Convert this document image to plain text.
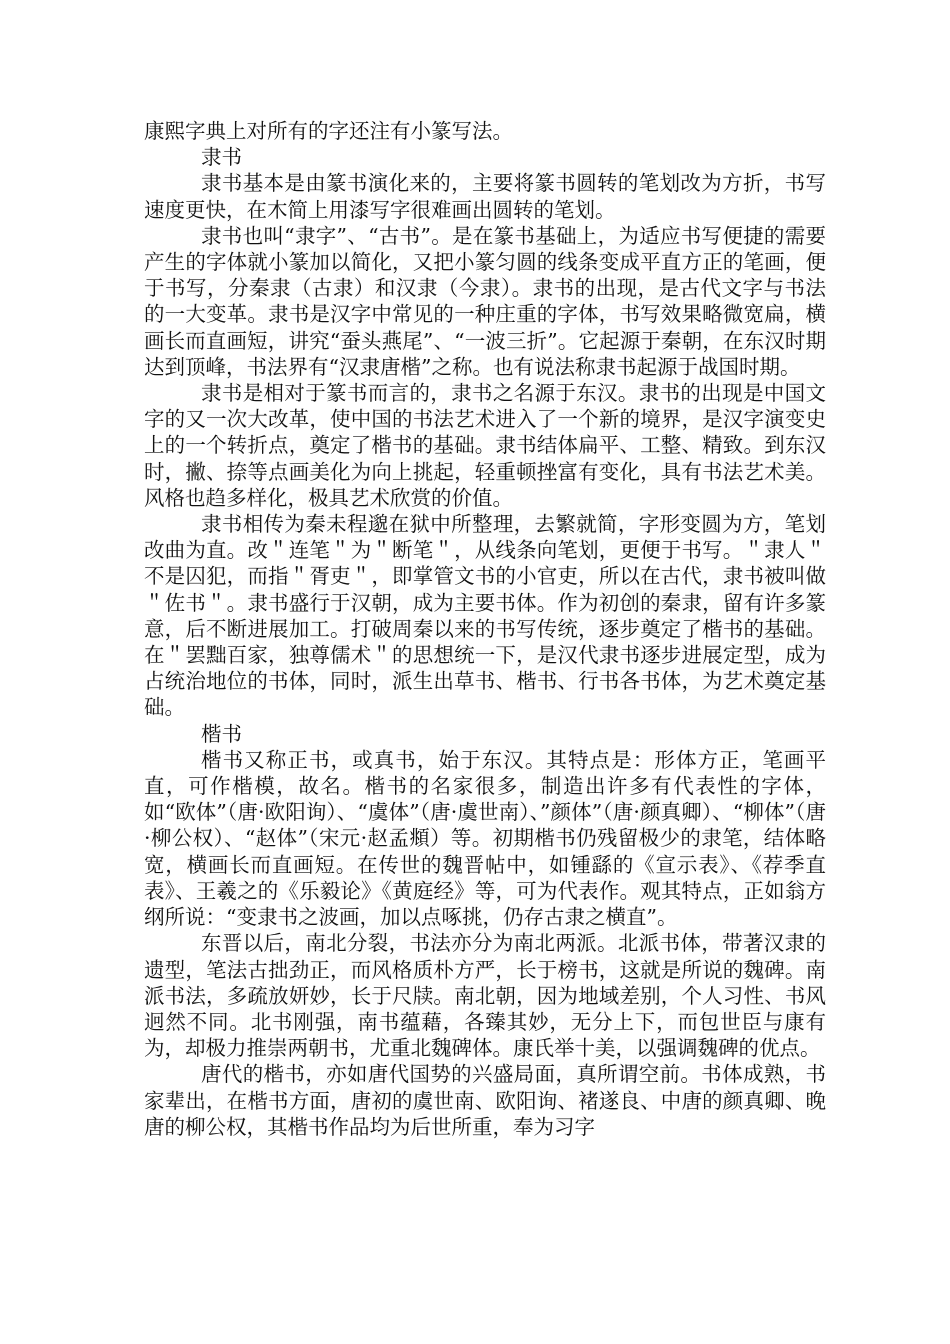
康熙字典上对所有的字还注有小篆写法。

隶书

隶书基本是由篆书演化来的，主要将篆书圆转的笔划改为方折，书写速度更快，在木简上用漆写字很难画出圆转的笔划。

隶书也叫“隶字”、“古书”。是在篆书基础上，为适应书写便捷的需要产生的字体就小篆加以简化，又把小篆匀圆的线条变成平直方正的笔画，便于书写，分秦隶（古隶）和汉隶（今隶）。隶书的出现，是古代文字与书法的一大变革。隶书是汉字中常见的一种庄重的字体，书写效果略微宽扁，横画长而直画短，讲究“蚕头燕尾”、“一波三折”。它起源于秦朝，在东汉时期达到顶峰，书法界有“汉隶唐楷”之称。也有说法称隶书起源于战国时期。

隶书是相对于篆书而言的，隶书之名源于东汉。隶书的出现是中国文字的又一次大改革，使中国的书法艺术进入了一个新的境界，是汉字演变史上的一个转折点，奠定了楷书的基础。隶书结体扁平、工整、精致。到东汉时，撇、捺等点画美化为向上挑起，轻重顿挫富有变化，具有书法艺术美。风格也趋多样化，极具艺术欣赏的价值。

隶书相传为秦未程邈在狱中所整理，去繁就简，字形变圆为方，笔划改曲为直。改＂连笔＂为＂断笔＂，从线条向笔划，更便于书写。＂隶人＂不是囚犯，而指＂胥吏＂，即掌管文书的小官吏，所以在古代，隶书被叫做＂佐书＂。隶书盛行于汉朝，成为主要书体。作为初创的秦隶，留有许多篆意，后不断进展加工。打破周秦以来的书写传统，逐步奠定了楷书的基础。在＂罢黜百家，独尊儒术＂的思想统一下，是汉代隶书逐步进展定型，成为占统治地位的书体，同时，派生出草书、楷书、行书各书体，为艺术奠定基础。

楷书

楷书又称正书，或真书，始于东汉。其特点是：形体方正，笔画平直，可作楷模，故名。楷书的名家很多，制造出许多有代表性的字体，如“欧体”（唐·欧阳询）、“虞体”（唐·虞世南）、”颜体”（唐·颜真卿）、“柳体”（唐·柳公权）、“赵体”（宋元·赵孟頫）等。初期楷书仍残留极少的隶笔，结体略宽，横画长而直画短。在传世的魏晋帖中，如锺繇的《宣示表》、《荐季直表》、王羲之的《乐毅论》《黄庭经》等，可为代表作。观其特点，正如翁方纲所说：“变隶书之波画，加以点啄挑，仍存古隶之横直”。

东晋以后，南北分裂，书法亦分为南北两派。北派书体，带著汉隶的遗型，笔法古拙劲正，而风格质朴方严，长于榜书，这就是所说的魏碑。南派书法，多疏放妍妙，长于尺牍。南北朝，因为地域差别，个人习性、书风迥然不同。北书刚强，南书蕴藉，各臻其妙，无分上下，而包世臣与康有为，却极力推崇两朝书，尤重北魏碑体。康氏举十美，以强调魏碑的优点。

唐代的楷书，亦如唐代国势的兴盛局面，真所谓空前。书体成熟，书家辈出，在楷书方面，唐初的虞世南、欧阳询、褚遂良、中唐的颜真卿、晚唐的柳公权，其楷书作品均为后世所重，奉为习字
